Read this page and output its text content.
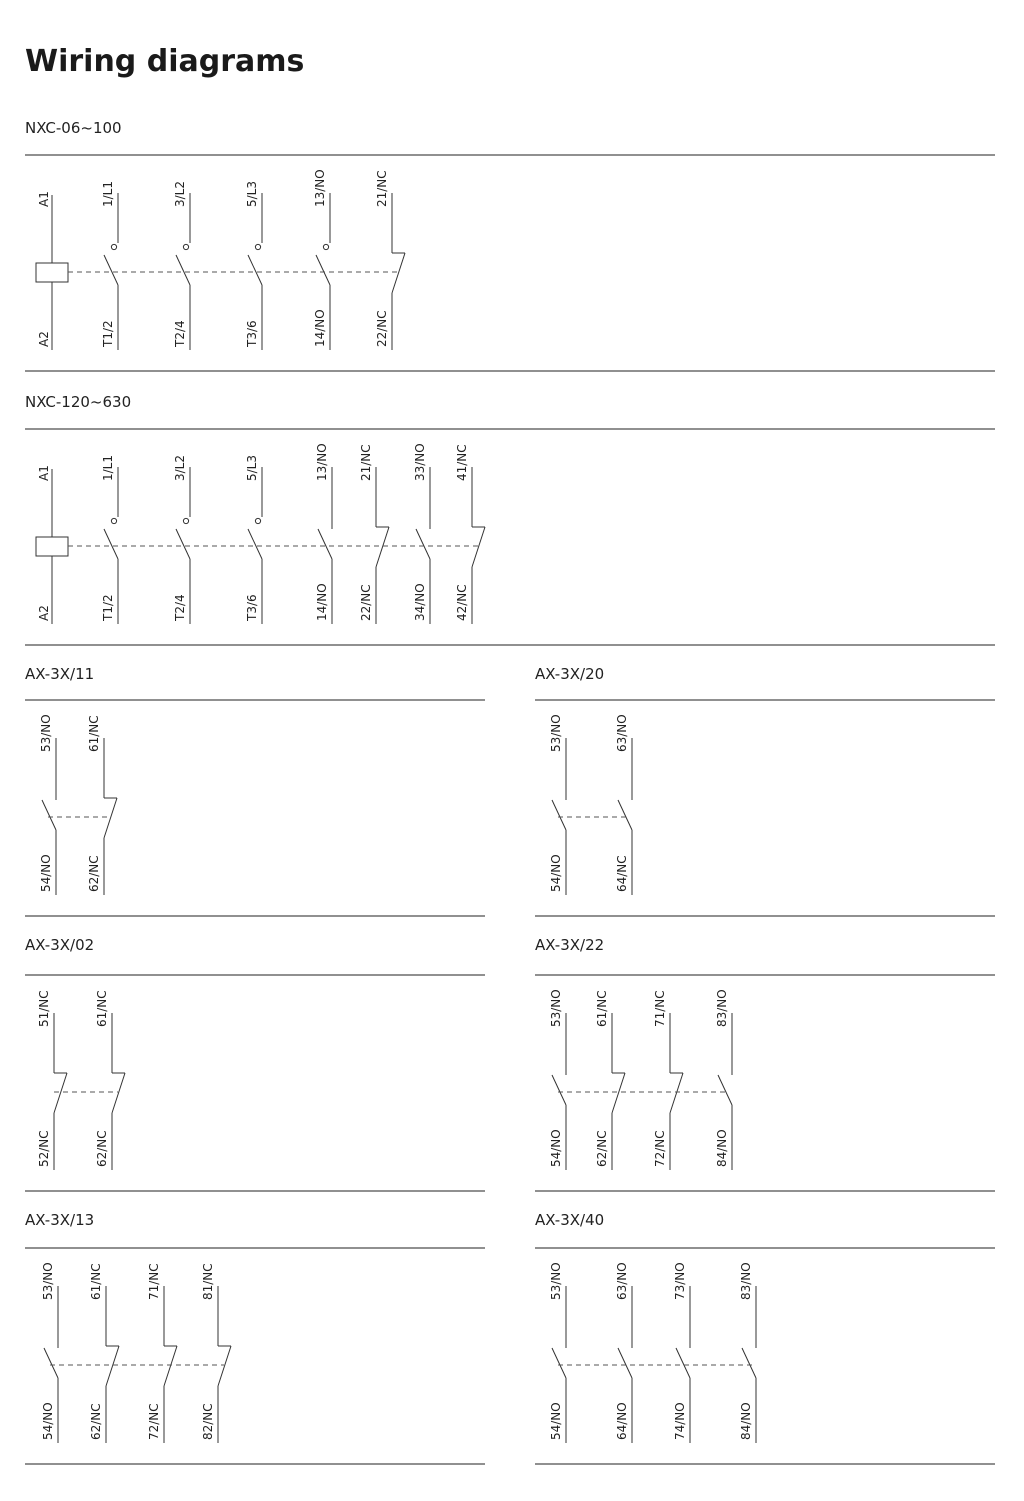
Wiring diagrams
NXC-06~100
A1
A2
1/L1
T1/2
3/L2
T2/4
5/L3
T3/6
13/NO
14/NO
21/NC
22/NC
NXC-120~630
A1
A2
1/L1
T1/2
3/L2
T2/4
5/L3
T3/6
13/NO
14/NO
21/NC
22/NC
33/NO
34/NO
41/NC
42/NC
AX-3X/11
53/NO
54/NO
61/NC
62/NC
AX-3X/20
53/NO
54/NO
63/NO
64/NC
AX-3X/02
51/NC
52/NC
61/NC
62/NC
AX-3X/22
53/NO
54/NO
61/NC
62/NC
71/NC
72/NC
83/NO
84/NO
AX-3X/13
53/NO
54/NO
61/NC
62/NC
71/NC
72/NC
81/NC
82/NC
AX-3X/40
53/NO
54/NO
63/NO
64/NO
73/NO
74/NO
83/NO
84/NO
